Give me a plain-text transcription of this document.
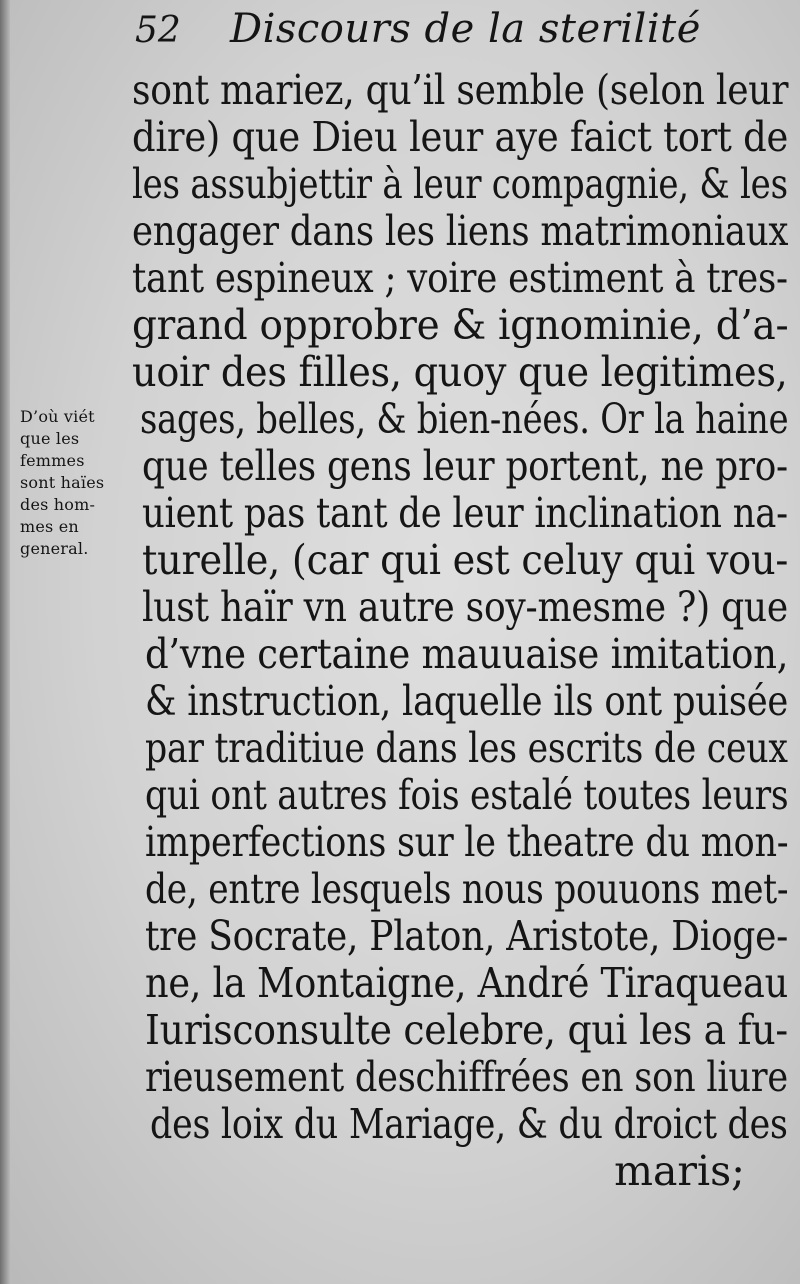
52 Discours de la sterilité
sont mariez, qu’il semble (selon leur
dire) que Dieu leur aye faict tort de
les assubjettir à leur compagnie, & les
engager dans les liens matrimoniaux
tant espineux ; voire estiment à tres-
grand opprobre & ignominie, d’a-
uoir des filles, quoy que legitimes,
sages, belles, & bien-nées. Or la haine
que telles gens leur portent, ne pro-
uient pas tant de leur inclination na-
turelle, (car qui est celuy qui vou-
lust haïr vn autre soy-mesme ?) que
d’vne certaine mauuaise imitation,
& instruction, laquelle ils ont puisée
par traditiue dans les escrits de ceux
qui ont autres fois estalé toutes leurs
imperfections sur le theatre du mon-
de, entre lesquels nous pouuons met-
tre Socrate, Platon, Aristote, Dioge-
ne, la Montaigne, André Tiraqueau
Iurisconsulte celebre, qui les a fu-
rieusement deschiffrées en son liure
des loix du Mariage, & du droict des
maris;
D’où viét
que les
femmes
sont haïes
des hom-
mes en
general.
